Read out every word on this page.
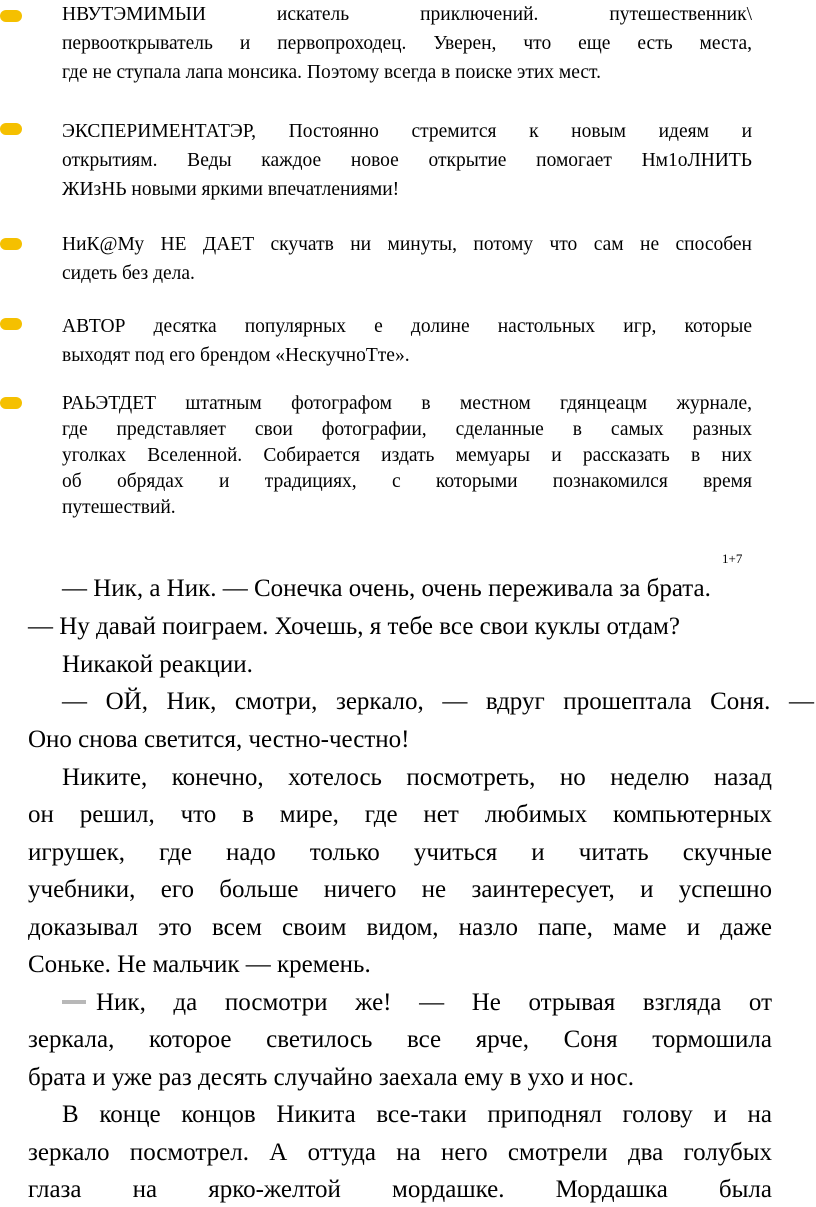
НВУТЭМИМЫИ искатель приключений. путешественник\
первооткрыватель и первопроходец. Уверен, что еще есть места,
где не ступала лапа монсика. Поэтому всегда в поиске этих мест.
ЭКСПЕРИМЕНТАТЭР, Постоянно стремится к новым идеям и
открытиям. Веды каждое новое открытие помогает Нм1оЛНИТЬ
ЖИзНЬ новыми яркими впечатлениями!
НиК@Му НЕ ДАЕТ скучатв ни минуты, потому что сам не способен
сидеть без дела.
АВТОР десятка популярных е долине настольных игр, которые
выходят под его брендом «НескучноТте».
РАЬЭТДЕТ штатным фотографом в местном гдянцеацм журнале,
где представляет свои фотографии, сделанные в самых разных
уголках Вселенной. Собирается издать мемуары и рассказать в них
об обрядах и традициях, с которыми познакомился время
путешествий.
1+7
— Ник, а Ник. — Сонечка очень, очень переживала за брата.
— Ну давай поиграем. Хочешь, я тебе все свои куклы отдам?
Никакой реакции.
— ОЙ, Ник, смотри, зеркало, — вдруг прошептала Соня. —
Оно снова светится, честно-честно!
Никите, конечно, хотелось посмотреть, но неделю назад
он решил, что в мире, где нет любимых компьютерных
игрушек, где надо только учиться и читать скучные
учебники, его больше ничего не заинтересует, и успешно
доказывал это всем своим видом, назло папе, маме и даже
Соньке. Не мальчик — кремень.
Ник, да посмотри же! — Не отрывая взгляда от
зеркала, которое светилось все ярче, Соня тормошила
брата и уже раз десять случайно заехала ему в ухо и нос.
В конце концов Никита все-таки приподнял голову и на
зеркало посмотрел. А оттуда на него смотрели два голубых
глаза на ярко-желтой мордашке. Мордашка была
